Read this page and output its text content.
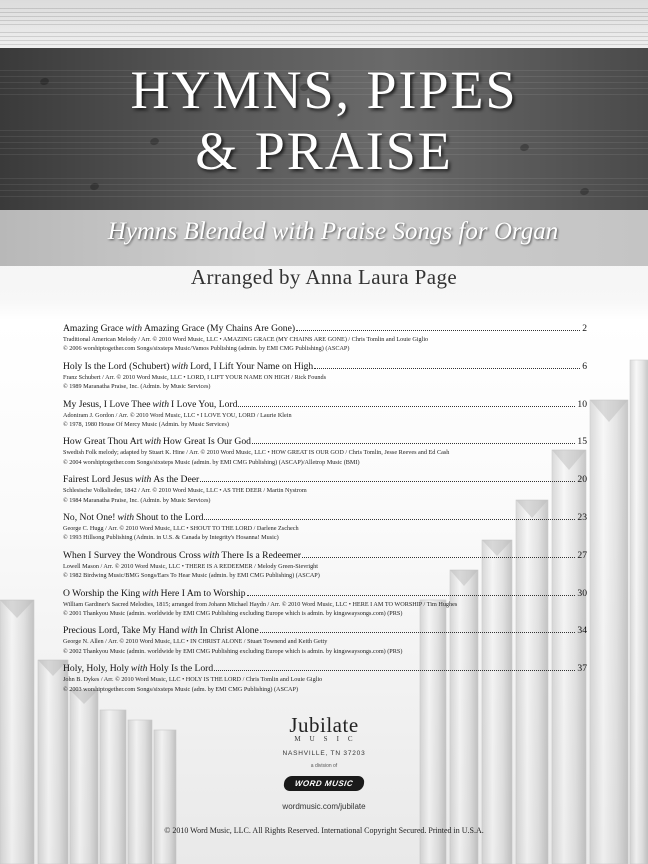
HYMNS, PIPES
& PRAISE
Hymns Blended with Praise Songs for Organ
Arranged by Anna Laura Page
Amazing Grace with Amazing Grace (My Chains Are Gone)	2
Traditional American Melody / Arr. © 2010 Word Music, LLC • AMAZING GRACE (MY CHAINS ARE GONE) / Chris Tomlin and Louie Giglio
© 2006 worshiptogether.com Songs/sixsteps Music/Vamos Publishing (admin. by EMI CMG Publishing) (ASCAP)
Holy Is the Lord (Schubert) with Lord, I Lift Your Name on High	6
Franz Schubert / Arr. © 2010 Word Music, LLC • LORD, I LIFT YOUR NAME ON HIGH / Rick Founds
© 1989 Maranatha Praise, Inc. (Admin. by Music Services)
My Jesus, I Love Thee with I Love You, Lord	10
Adoniram J. Gordon / Arr. © 2010 Word Music, LLC • I LOVE YOU, LORD / Laurie Klein
© 1978, 1980 House Of Mercy Music (Admin. by Music Services)
How Great Thou Art with How Great Is Our God	15
Swedish Folk melody; adapted by Stuart K. Hine / Arr. © 2010 Word Music, LLC • HOW GREAT IS OUR GOD / Chris Tomlin, Jesse Reeves and Ed Cash
© 2004 worshiptogether.com Songs/sixsteps Music (admin. by EMI CMG Publishing) (ASCAP)/Alletrop Music (BMI)
Fairest Lord Jesus with As the Deer	20
Schlesische Volkslieder, 1842 / Arr. © 2010 Word Music, LLC • AS THE DEER / Martin Nystrom
© 1984 Maranatha Praise, Inc. (Admin. by Music Services)
No, Not One! with Shout to the Lord	23
George C. Hugg / Arr. © 2010 Word Music, LLC • SHOUT TO THE LORD / Darlene Zschech
© 1993 Hillsong Publishing (Admin. in U.S. & Canada by Integrity's Hosanna! Music)
When I Survey the Wondrous Cross with There Is a Redeemer	27
Lowell Mason / Arr. © 2010 Word Music, LLC • THERE IS A REDEEMER / Melody Green-Sievright
© 1982 Birdwing Music/BMG Songs/Ears To Hear Music (admin. by EMI CMG Publishing) (ASCAP)
O Worship the King with Here I Am to Worship	30
William Gardiner's Sacred Melodies, 1815; arranged from Johann Michael Haydn / Arr. © 2010 Word Music, LLC • HERE I AM TO WORSHIP / Tim Hughes
© 2001 Thankyou Music (admin. worldwide by EMI CMG Publishing excluding Europe which is admin. by kingswaysongs.com) (PRS)
Precious Lord, Take My Hand with In Christ Alone	34
George N. Allen / Arr. © 2010 Word Music, LLC • IN CHRIST ALONE / Stuart Townend and Keith Getty
© 2002 Thankyou Music (admin. worldwide by EMI CMG Publishing excluding Europe which is admin. by kingswaysongs.com) (PRS)
Holy, Holy, Holy with Holy Is the Lord	37
John B. Dykes / Arr. © 2010 Word Music, LLC • HOLY IS THE LORD / Chris Tomlin and Louie Giglio
© 2003 worshiptogether.com Songs/sixsteps Music (adm. by EMI CMG Publishing) (ASCAP)
Jubilate
MUSIC
NASHVILLE, TN 37203
a division of
WORD MUSIC
wordmusic.com/jubilate
© 2010 Word Music, LLC. All Rights Reserved. International Copyright Secured. Printed in U.S.A.
